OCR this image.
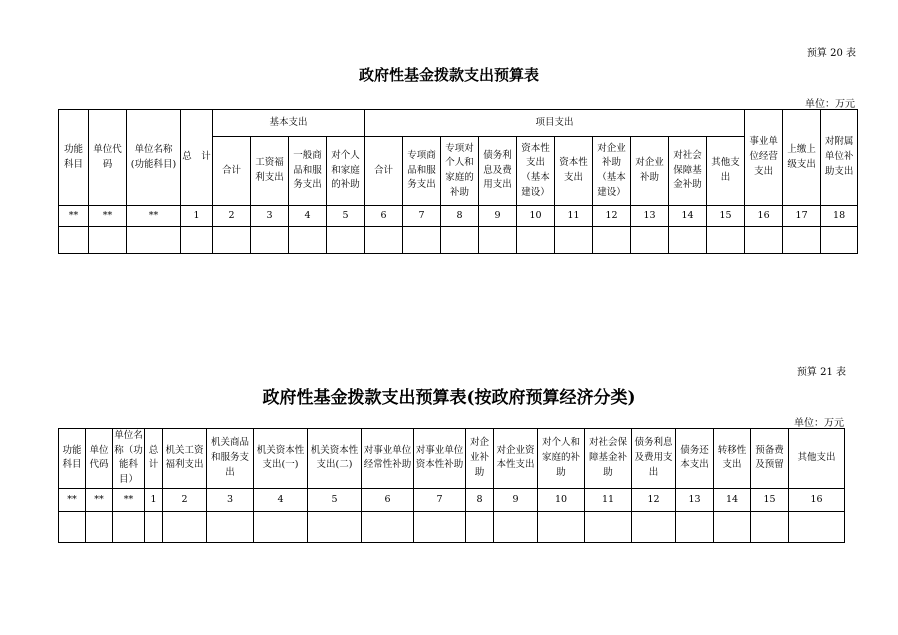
预算 20 表
政府性基金拨款支出预算表
单位：万元
功能科目	单位代码	单位名称(功能科目)	总　计	基本支出				项目支出										事业单位经营支出	上缴上级支出	对附属单位补助支出
				合计	工资福利支出	一般商品和服务支出	对个人和家庭的补助	合计	专项商品和服务支出	专项对个人和家庭的补助	债务利息及费用支出	资本性支出（基本建设）	资本性支出	对企业补助（基本建设）	对企业补助	对社会保障基金补助	其他支出			
**	**	**	1	2	3	4	5	6	7	8	9	10	11	12	13	14	15	16	17	18

预算 21 表
政府性基金拨款支出预算表(按政府预算经济分类)
单位：万元
功能科目	单位代码	单位名称（功能科目）	总计	机关工资福利支出	机关商品和服务支出	机关资本性支出(一)	机关资本性支出(二)	对事业单位经常性补助	对事业单位资本性补助	对企业补助	对企业资本性支出	对个人和家庭的补助	对社会保障基金补助	债务利息及费用支出	债务还本支出	转移性支出	预备费及预留	其他支出
**	**	**	1	2	3	4	5	6	7	8	9	10	11	12	13	14	15	16
